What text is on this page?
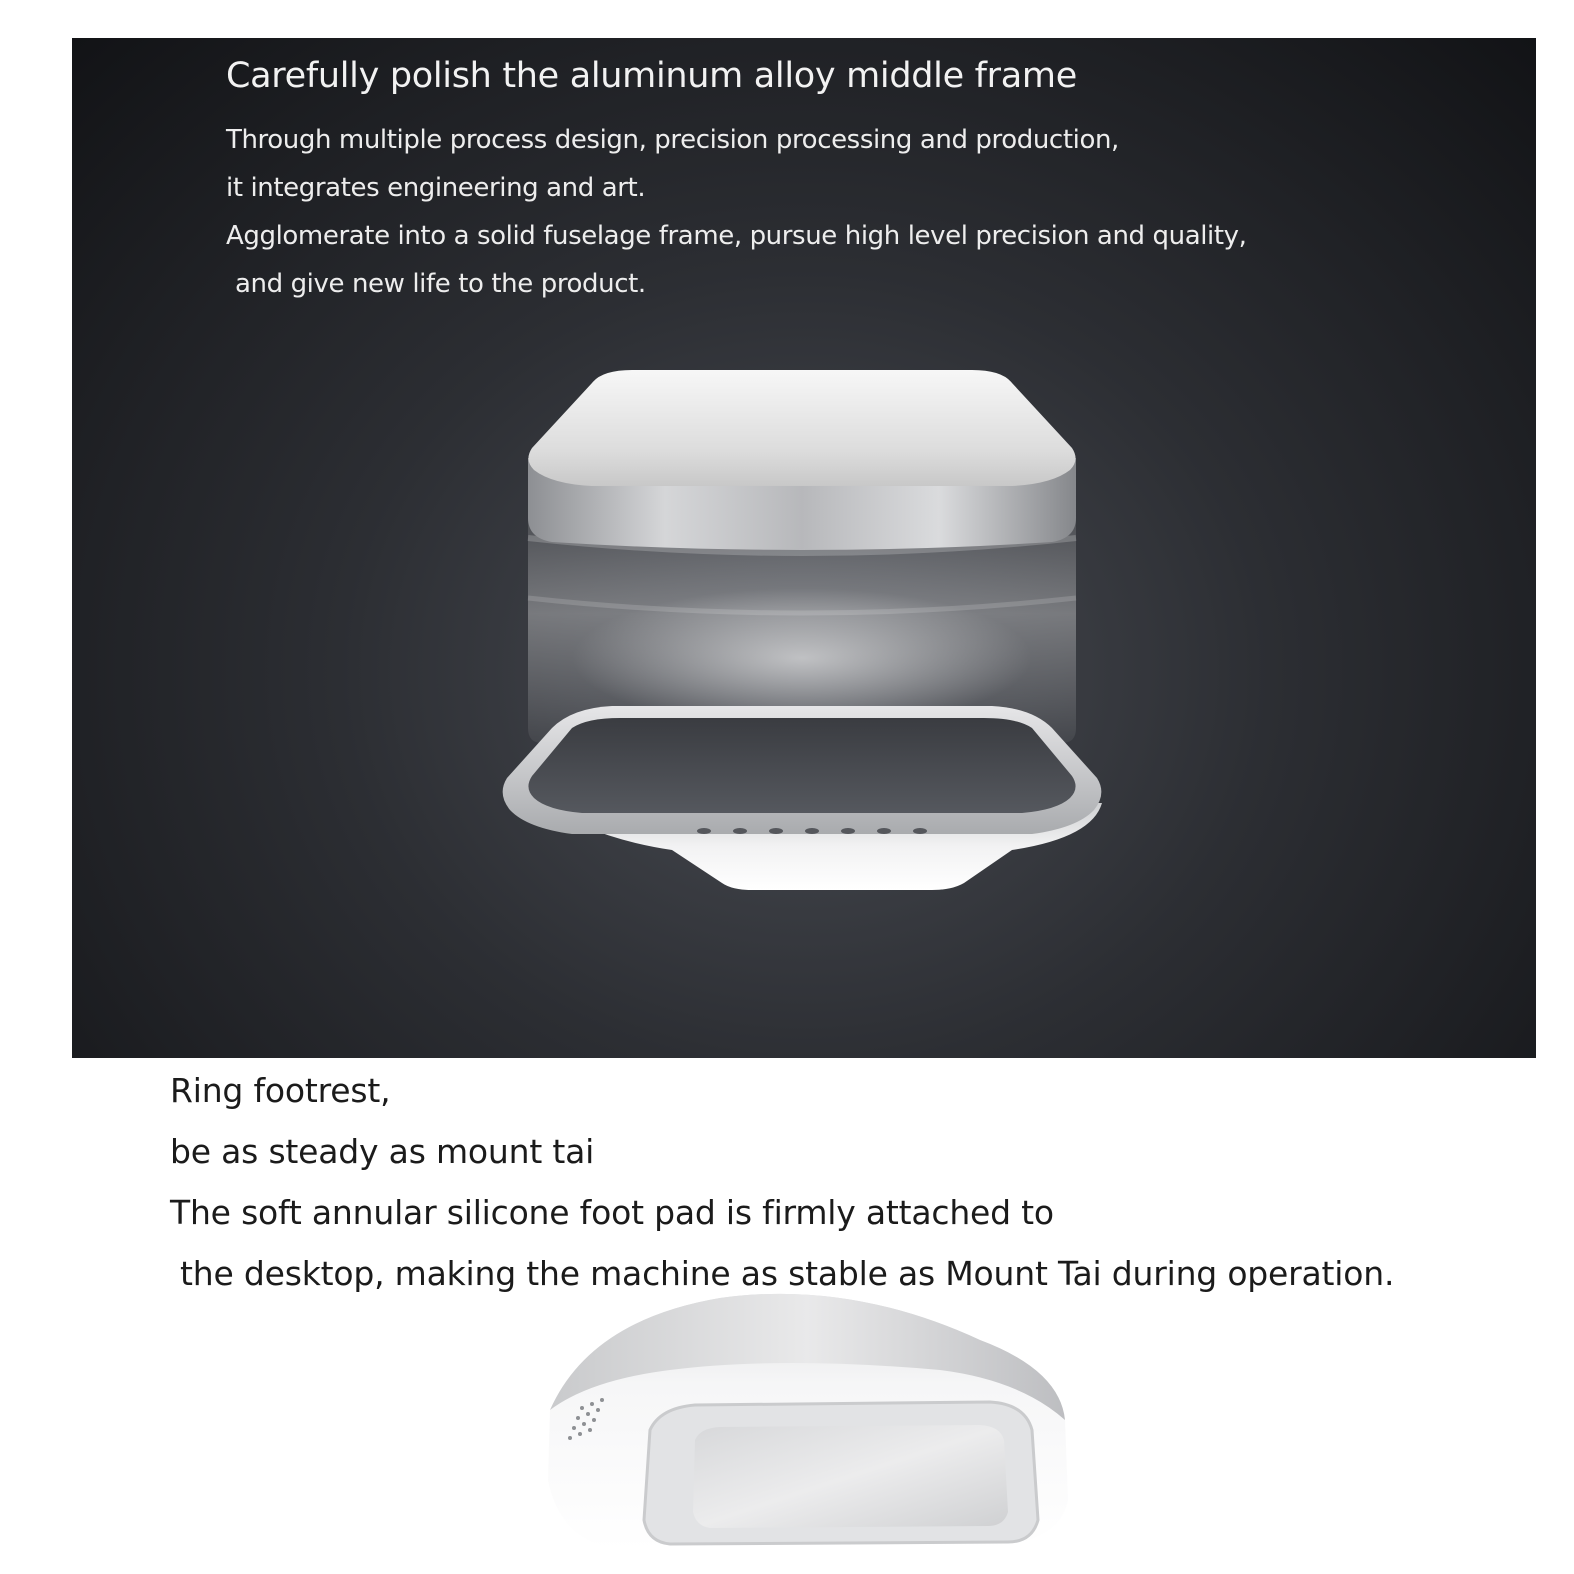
Carefully polish the aluminum alloy middle frame
Through multiple process design, precision processing and production,
it integrates engineering and art.
Agglomerate into a solid fuselage frame, pursue high level precision and quality,
and give new life to the product.
Ring footrest,
be as steady as mount tai
The soft annular silicone foot pad is firmly attached to
the desktop, making the machine as stable as Mount Tai during operation.
